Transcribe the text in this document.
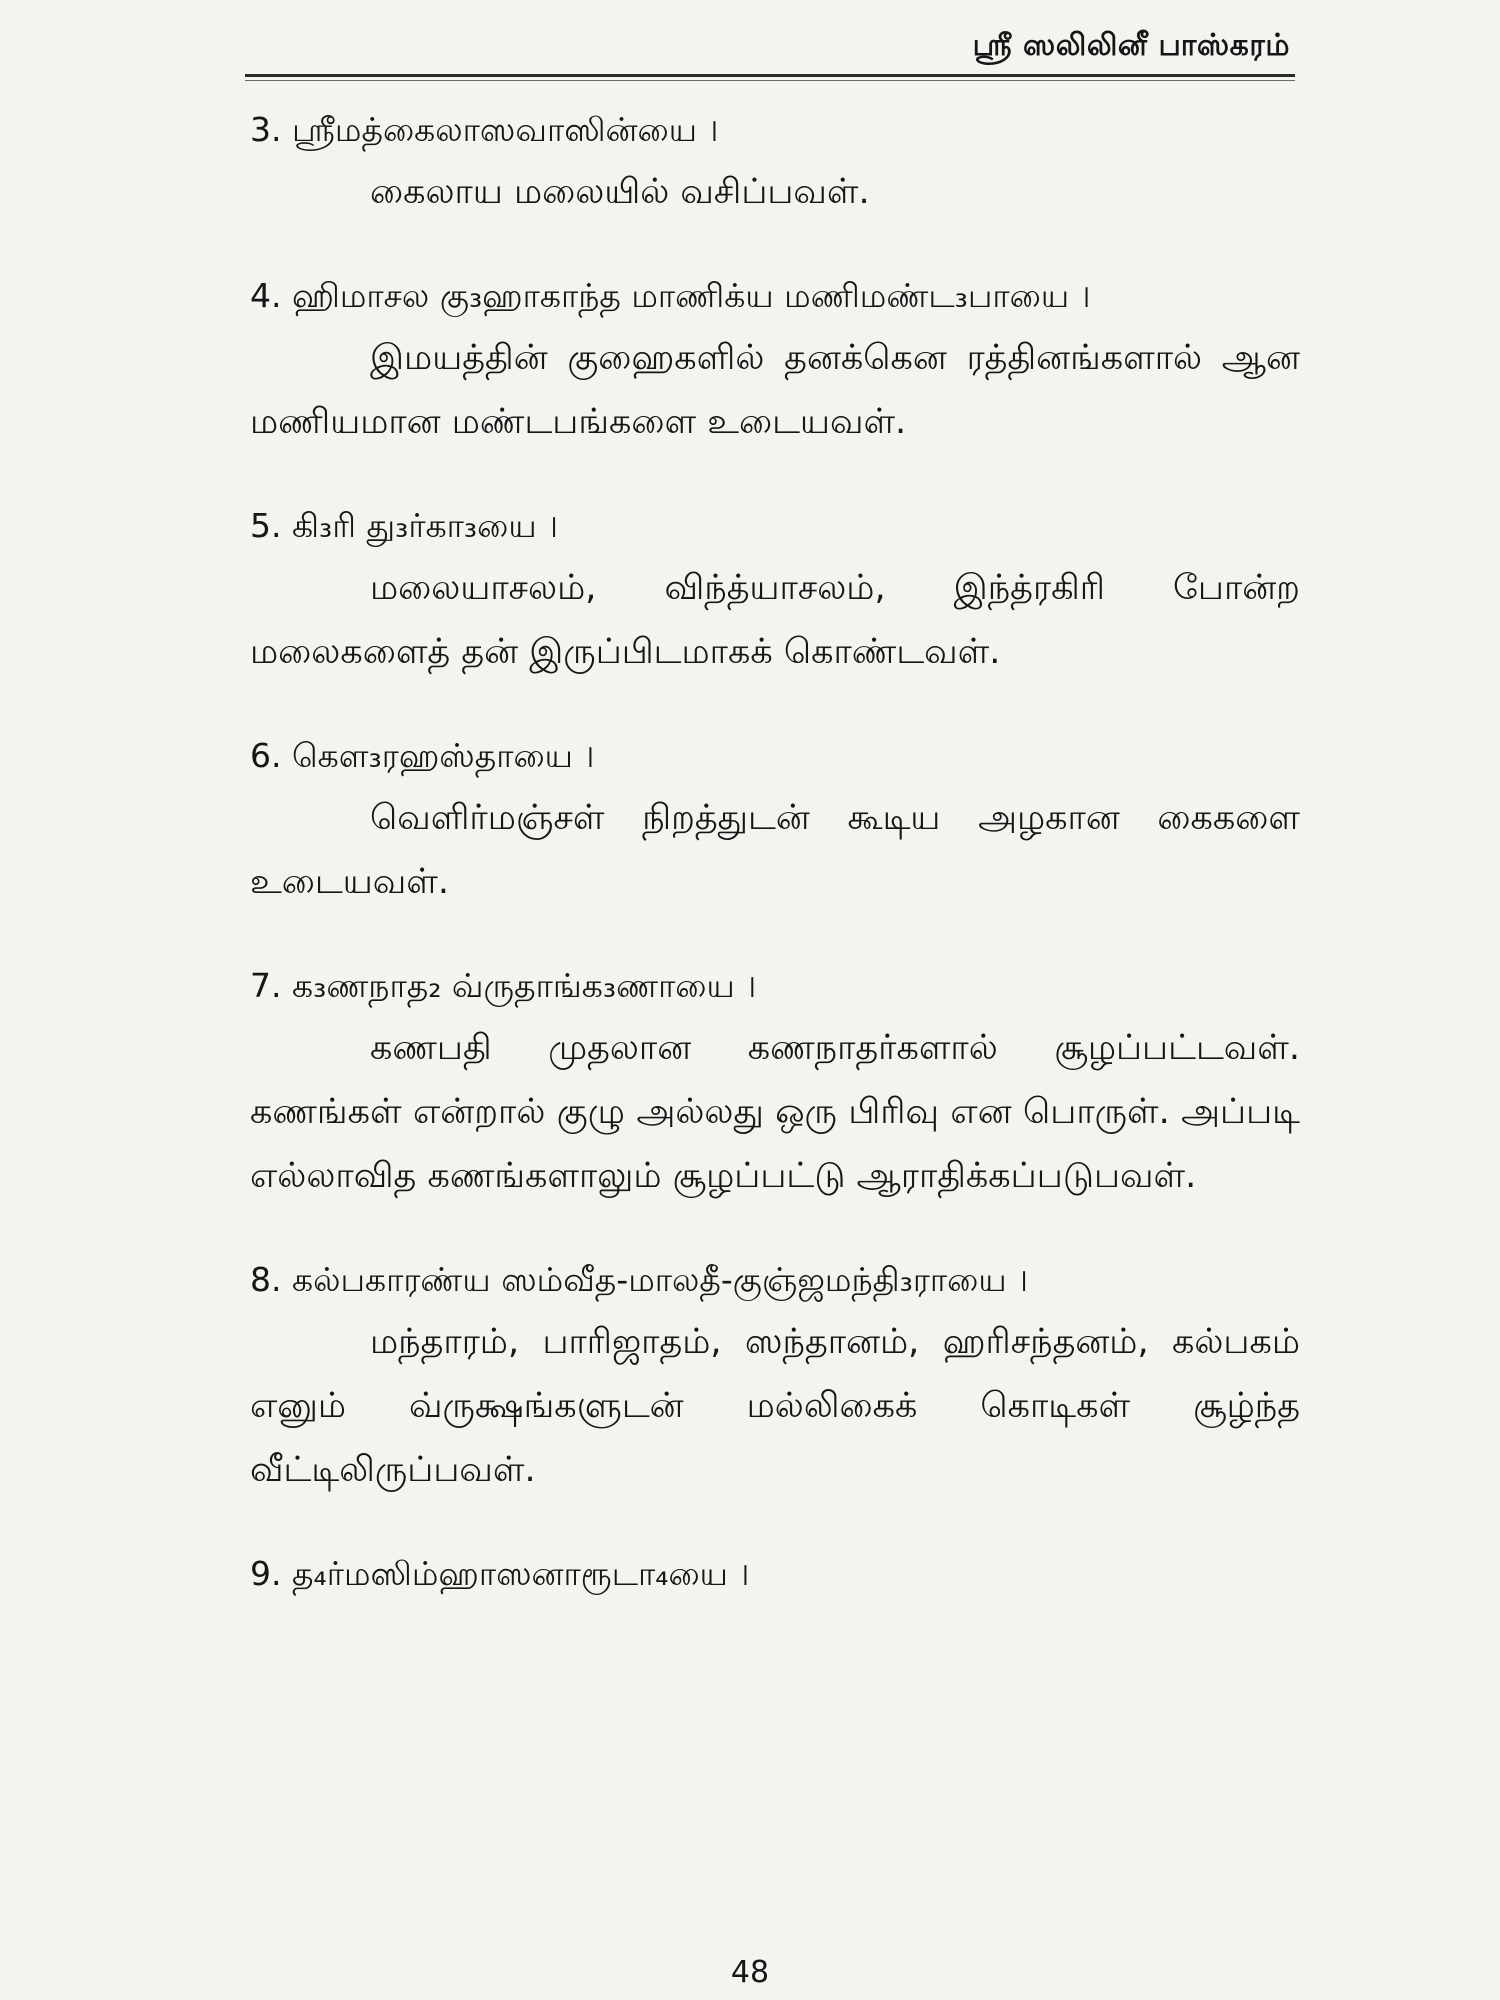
ஸ்ரீ ஸலிலினீ பாஸ்கரம்

3. ஸ்ரீமத்கைலாஸவாஸின்யை ।

கைலாய மலையில் வசிப்பவள்.

4. ஹிமாசல கு₃ஹாகாந்த மாணிக்ய மணிமண்ட₃பாயை ।

இமயத்தின் குஹைகளில் தனக்கென ரத்தினங்களால் ஆன மணியமான மண்டபங்களை உடையவள்.

5. கி₃ரி து₃ர்கா₃யை ।

மலையாசலம், விந்த்யாசலம், இந்த்ரகிரி போன்ற மலைகளைத் தன் இருப்பிடமாகக் கொண்டவள்.

6. கௌ₃ரஹஸ்தாயை ।

வெளிர்மஞ்சள் நிறத்துடன் கூடிய அழகான கைகளை உடையவள்.

7. க₃ணநாத₂ வ்ருதாங்க₃ணாயை ।

கணபதி முதலான கணநாதர்களால் சூழப்பட்டவள். கணங்கள் என்றால் குழு அல்லது ஒரு பிரிவு என பொருள். அப்படி எல்லாவித கணங்களாலும் சூழப்பட்டு ஆராதிக்கப்படுபவள்.

8. கல்பகாரண்ய ஸம்வீத-மாலதீ-குஞ்ஜமந்தி₃ராயை ।

மந்தாரம், பாரிஜாதம், ஸந்தானம், ஹரிசந்தனம், கல்பகம் எனும் வ்ருக்ஷங்களுடன் மல்லிகைக் கொடிகள் சூழ்ந்த வீட்டிலிருப்பவள்.

9. த₄ர்மஸிம்ஹாஸனாரூடா₄யை ।

48
